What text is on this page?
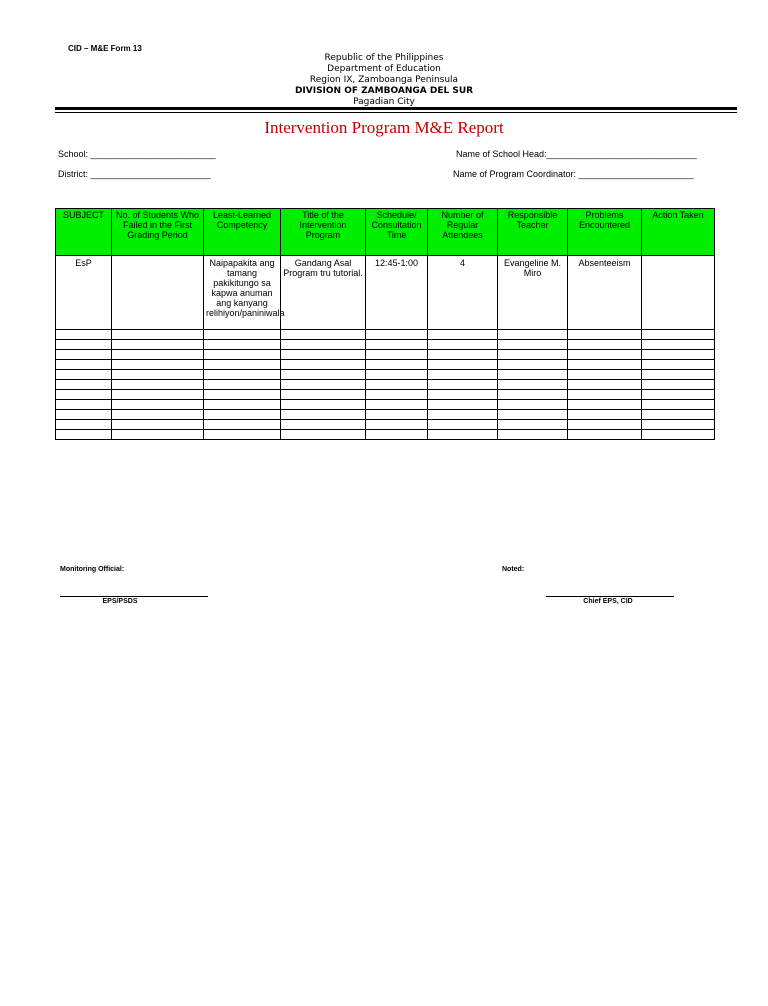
CID – M&E Form 13
Republic of the Philippines
Department of Education
Region IX, Zamboanga Peninsula
DIVISION OF ZAMBOANGA DEL SUR
Pagadian City
Intervention Program M&E Report
School: _________________________
District: ________________________
Name of School Head:______________________________
Name of Program Coordinator: _______________________
SUBJECT	No. of Students Who Failed in the First Grading Period	Least-Learned Competency	Title of the Intervention Program	Schedule/ Consultation Time	Number of Regular Attendees	Responsible Teacher	Problems Encountered	Action Taken
EsP		Naipapakita ang tamang pakikitungo sa kapwa anuman ang kanyang relihiyon/paniniwala	Gandang Asal Program tru tutorial.	12:45-1:00	4	Evangeline M. Miro	Absenteeism	

Monitoring Official:
EPS/PSDS
Noted:
Chief EPS, CID
